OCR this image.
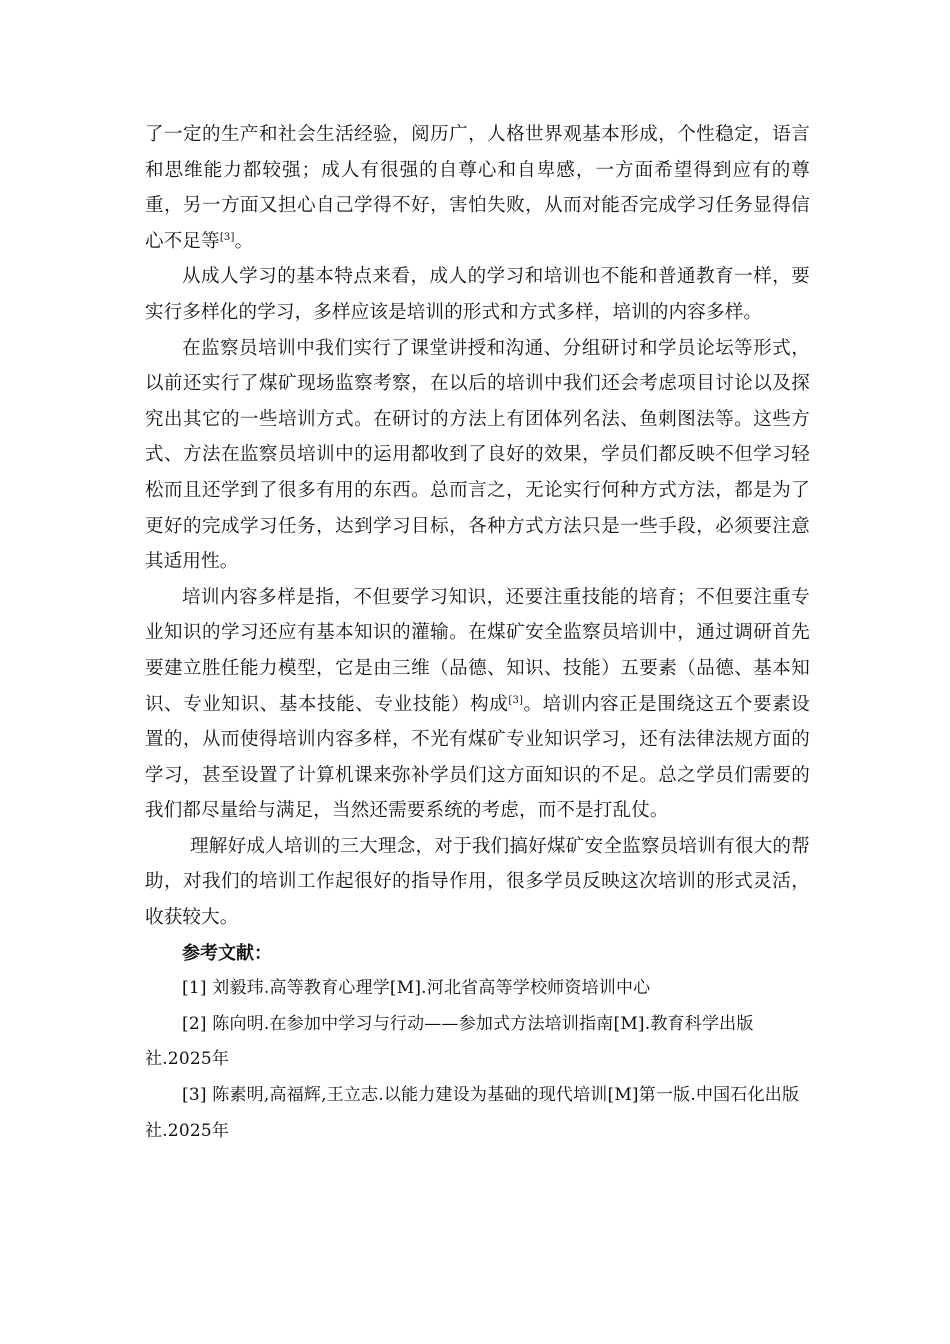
了一定的生产和社会生活经验，阅历广，人格世界观基本形成，个性稳定，语言和思维能力都较强；成人有很强的自尊心和自卑感，一方面希望得到应有的尊重，另一方面又担心自己学得不好，害怕失败，从而对能否完成学习任务显得信心不足等[3]。

从成人学习的基本特点来看，成人的学习和培训也不能和普通教育一样，要实行多样化的学习，多样应该是培训的形式和方式多样，培训的内容多样。

在监察员培训中我们实行了课堂讲授和沟通、分组研讨和学员论坛等形式，以前还实行了煤矿现场监察考察，在以后的培训中我们还会考虑项目讨论以及探究出其它的一些培训方式。在研讨的方法上有团体列名法、鱼刺图法等。这些方式、方法在监察员培训中的运用都收到了良好的效果，学员们都反映不但学习轻松而且还学到了很多有用的东西。总而言之，无论实行何种方式方法，都是为了更好的完成学习任务，达到学习目标，各种方式方法只是一些手段，必须要注意其适用性。

培训内容多样是指，不但要学习知识，还要注重技能的培育；不但要注重专业知识的学习还应有基本知识的灌输。在煤矿安全监察员培训中，通过调研首先要建立胜任能力模型，它是由三维（品德、知识、技能）五要素（品德、基本知识、专业知识、基本技能、专业技能）构成[3]。培训内容正是围绕这五个要素设置的，从而使得培训内容多样，不光有煤矿专业知识学习，还有法律法规方面的学习，甚至设置了计算机课来弥补学员们这方面知识的不足。总之学员们需要的我们都尽量给与满足，当然还需要系统的考虑，而不是打乱仗。

理解好成人培训的三大理念，对于我们搞好煤矿安全监察员培训有很大的帮助，对我们的培训工作起很好的指导作用，很多学员反映这次培训的形式灵活，收获较大。

参考文献：

[1] 刘毅玮.高等教育心理学[M].河北省高等学校师资培训中心

[2] 陈向明.在参加中学习与行动——参加式方法培训指南[M].教育科学出版社.2025年

[3] 陈素明,高福辉,王立志.以能力建设为基础的现代培训[M]第一版.中国石化出版社.2025年
